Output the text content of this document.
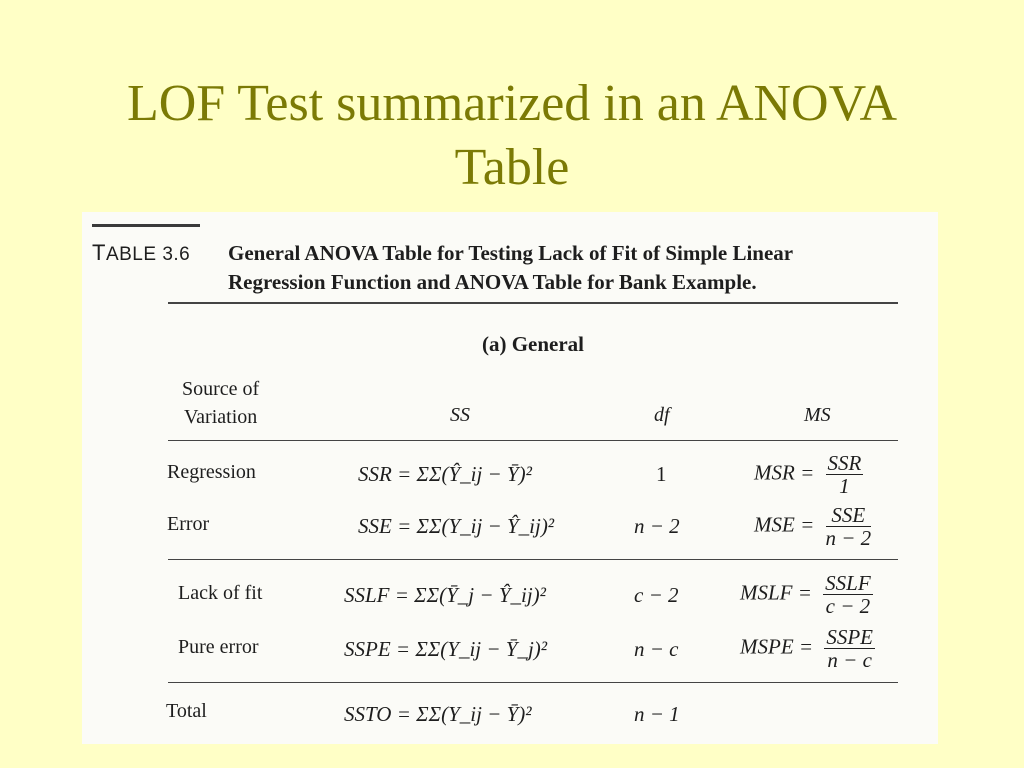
LOF Test summarized in an ANOVA
Table
TABLE 3.6 General ANOVA Table for Testing Lack of Fit of Simple Linear
Regression Function and ANOVA Table for Bank Example.
(a) General
Source of
Variation	SS	df	MS
Regression	SSR = ΣΣ(Ŷ_ij − Ȳ)²	1	MSR = $\frac{\text{SSR}}{1}$
Error	SSE = ΣΣ(Y_ij − Ŷ_ij)²	n − 2	MSE = $\frac{\text{SSE}}{n - 2}$
Lack of fit	SSLF = ΣΣ(Ȳ_j − Ŷ_ij)²	c − 2	MSLF = $\frac{\text{SSLF}}{c - 2}$
Pure error	SSPE = ΣΣ(Y_ij − Ȳ_j)²	n − c	MSPE = $\frac{\text{SSPE}}{n - c}$
Total	SSTO = ΣΣ(Y_ij − Ȳ)²	n − 1
